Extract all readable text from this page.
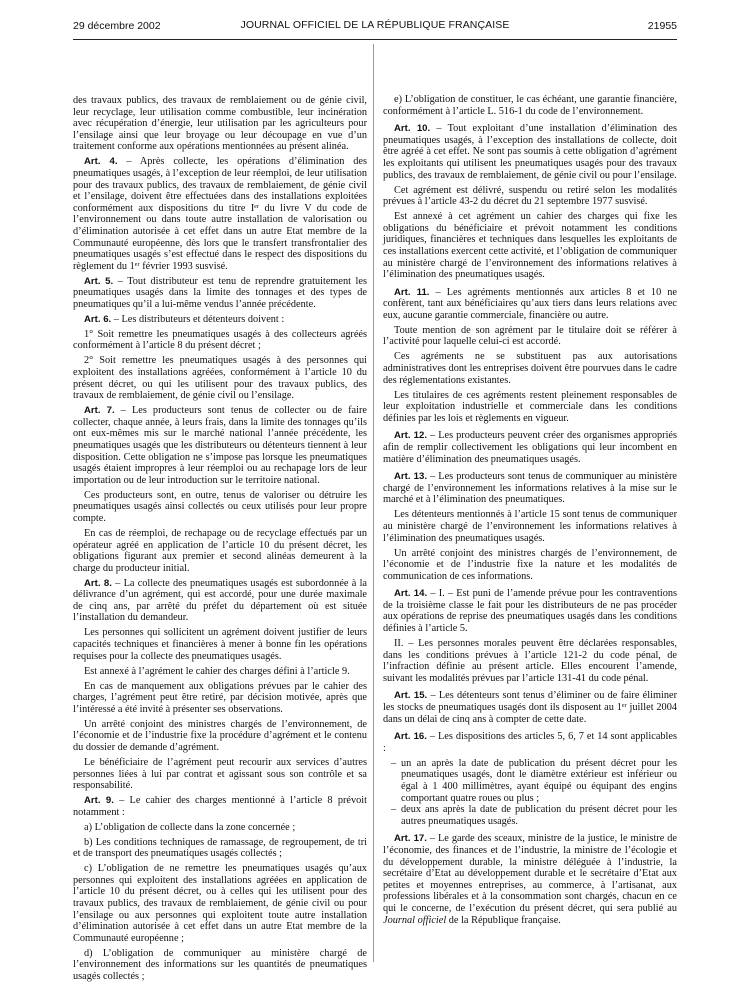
29 décembre 2002	JOURNAL OFFICIEL DE LA RÉPUBLIQUE FRANÇAISE	21955

des travaux publics, des travaux de remblaiement ou de génie civil, leur recyclage, leur utilisation comme combustible, leur incinération avec récupération d’énergie, leur utilisation par les agriculteurs pour l’ensilage ainsi que leur broyage ou leur découpage en vue d’un traitement conforme aux opérations mentionnées au présent alinéa.

Art. 4. – Après collecte, les opérations d’élimination des pneumatiques usagés, à l’exception de leur réemploi, de leur utilisation pour des travaux publics, des travaux de remblaiement, de génie civil et l’ensilage, doivent être effectuées dans des installations exploitées conformément aux dispositions du titre Iᵉʳ du livre V du code de l’environnement ou dans toute autre installation de valorisation ou d’élimination autorisée à cet effet dans un autre Etat membre de la Communauté européenne, dès lors que le transfert transfrontalier des pneumatiques usagés s’est effectué dans le respect des dispositions du règlement du 1ᵉʳ février 1993 susvisé.

Art. 5. – Tout distributeur est tenu de reprendre gratuitement les pneumatiques usagés dans la limite des tonnages et des types de pneumatiques qu’il a lui-même vendus l’année précédente.

Art. 6. – Les distributeurs et détenteurs doivent :

1° Soit remettre les pneumatiques usagés à des collecteurs agréés conformément à l’article 8 du présent décret ;

2° Soit remettre les pneumatiques usagés à des personnes qui exploitent des installations agréées, conformément à l’article 10 du présent décret, ou qui les utilisent pour des travaux publics, des travaux de remblaiement, de génie civil ou l’ensilage.

Art. 7. – Les producteurs sont tenus de collecter ou de faire collecter, chaque année, à leurs frais, dans la limite des tonnages qu’ils ont eux-mêmes mis sur le marché national l’année précédente, les pneumatiques usagés que les distributeurs ou détenteurs tiennent à leur disposition. Cette obligation ne s’impose pas lorsque les pneumatiques usagés étaient impropres à leur réemploi ou au rechapage lors de leur importation ou de leur introduction sur le territoire national.

Ces producteurs sont, en outre, tenus de valoriser ou détruire les pneumatiques usagés ainsi collectés ou ceux utilisés pour leur propre compte.

En cas de réemploi, de rechapage ou de recyclage effectués par un opérateur agréé en application de l’article 10 du présent décret, les obligations figurant aux premier et second alinéas demeurent à la charge du producteur initial.

Art. 8. – La collecte des pneumatiques usagés est subordonnée à la délivrance d’un agrément, qui est accordé, pour une durée maximale de cinq ans, par arrêté du préfet du département où est située l’installation du demandeur.

Les personnes qui sollicitent un agrément doivent justifier de leurs capacités techniques et financières à mener à bonne fin les opérations requises pour la collecte des pneumatiques usagés.

Est annexé à l’agrément le cahier des charges défini à l’article 9.

En cas de manquement aux obligations prévues par le cahier des charges, l’agrément peut être retiré, par décision motivée, après que l’intéressé a été invité à présenter ses observations.

Un arrêté conjoint des ministres chargés de l’environnement, de l’économie et de l’industrie fixe la procédure d’agrément et le contenu du dossier de demande d’agrément.

Le bénéficiaire de l’agrément peut recourir aux services d’autres personnes liées à lui par contrat et agissant sous son contrôle et sa responsabilité.

Art. 9. – Le cahier des charges mentionné à l’article 8 prévoit notamment :

a) L’obligation de collecte dans la zone concernée ;

b) Les conditions techniques de ramassage, de regroupement, de tri et de transport des pneumatiques usagés collectés ;

c) L’obligation de ne remettre les pneumatiques usagés qu’aux personnes qui exploitent des installations agréées en application de l’article 10 du présent décret, ou à celles qui les utilisent pour des travaux publics, des travaux de remblaiement, de génie civil ou pour l’ensilage ou aux personnes qui exploitent toute autre installation d’élimination autorisée à cet effet dans un autre Etat membre de la Communauté européenne ;

d) L’obligation de communiquer au ministère chargé de l’environnement des informations sur les quantités de pneumatiques usagés collectés ;

e) L’obligation de constituer, le cas échéant, une garantie financière, conformément à l’article L. 516-1 du code de l’environnement.

Art. 10. – Tout exploitant d’une installation d’élimination des pneumatiques usagés, à l’exception des installations de collecte, doit être agréé à cet effet. Ne sont pas soumis à cette obligation d’agrément les exploitants qui utilisent les pneumatiques usagés pour des travaux publics, des travaux de remblaiement, de génie civil ou pour l’ensilage.

Cet agrément est délivré, suspendu ou retiré selon les modalités prévues à l’article 43-2 du décret du 21 septembre 1977 susvisé.

Est annexé à cet agrément un cahier des charges qui fixe les obligations du bénéficiaire et prévoit notamment les conditions juridiques, financières et techniques dans lesquelles les exploitants de ces installations exercent cette activité, et l’obligation de communiquer au ministère chargé de l’environnement des informations relatives à l’élimination des pneumatiques usagés.

Art. 11. – Les agréments mentionnés aux articles 8 et 10 ne confèrent, tant aux bénéficiaires qu’aux tiers dans leurs relations avec eux, aucune garantie commerciale, financière ou autre.

Toute mention de son agrément par le titulaire doit se référer à l’activité pour laquelle celui-ci est accordé.

Ces agréments ne se substituent pas aux autorisations administratives dont les entreprises doivent être pourvues dans le cadre des réglementations existantes.

Les titulaires de ces agréments restent pleinement responsables de leur exploitation industrielle et commerciale dans les conditions définies par les lois et règlements en vigueur.

Art. 12. – Les producteurs peuvent créer des organismes appropriés afin de remplir collectivement les obligations qui leur incombent en matière d’élimination des pneumatiques usagés.

Art. 13. – Les producteurs sont tenus de communiquer au ministère chargé de l’environnement les informations relatives à la mise sur le marché et à l’élimination des pneumatiques.

Les détenteurs mentionnés à l’article 15 sont tenus de communiquer au ministère chargé de l’environnement les informations relatives à l’élimination des pneumatiques usagés.

Un arrêté conjoint des ministres chargés de l’environnement, de l’économie et de l’industrie fixe la nature et les modalités de communication de ces informations.

Art. 14. – I. – Est puni de l’amende prévue pour les contraventions de la troisième classe le fait pour les distributeurs de ne pas procéder aux opérations de reprise des pneumatiques usagés dans les conditions définies à l’article 5.

II. – Les personnes morales peuvent être déclarées responsables, dans les conditions prévues à l’article 121-2 du code pénal, de l’infraction définie au présent article. Elles encourent l’amende, suivant les modalités prévues par l’article 131-41 du code pénal.

Art. 15. – Les détenteurs sont tenus d’éliminer ou de faire éliminer les stocks de pneumatiques usagés dont ils disposent au 1ᵉʳ juillet 2004 dans un délai de cinq ans à compter de cette date.

Art. 16. – Les dispositions des articles 5, 6, 7 et 14 sont applicables :

– un an après la date de publication du présent décret pour les pneumatiques usagés, dont le diamètre extérieur est inférieur ou égal à 1 400 millimètres, ayant équipé ou équipant des engins comportant quatre roues ou plus ;

– deux ans après la date de publication du présent décret pour les autres pneumatiques usagés.

Art. 17. – Le garde des sceaux, ministre de la justice, le ministre de l’économie, des finances et de l’industrie, la ministre de l’écologie et du développement durable, la ministre déléguée à l’industrie, la secrétaire d’Etat au développement durable et le secrétaire d’Etat aux petites et moyennes entreprises, au commerce, à l’artisanat, aux professions libérales et à la consommation sont chargés, chacun en ce qui le concerne, de l’exécution du présent décret, qui sera publié au Journal officiel de la République française.
